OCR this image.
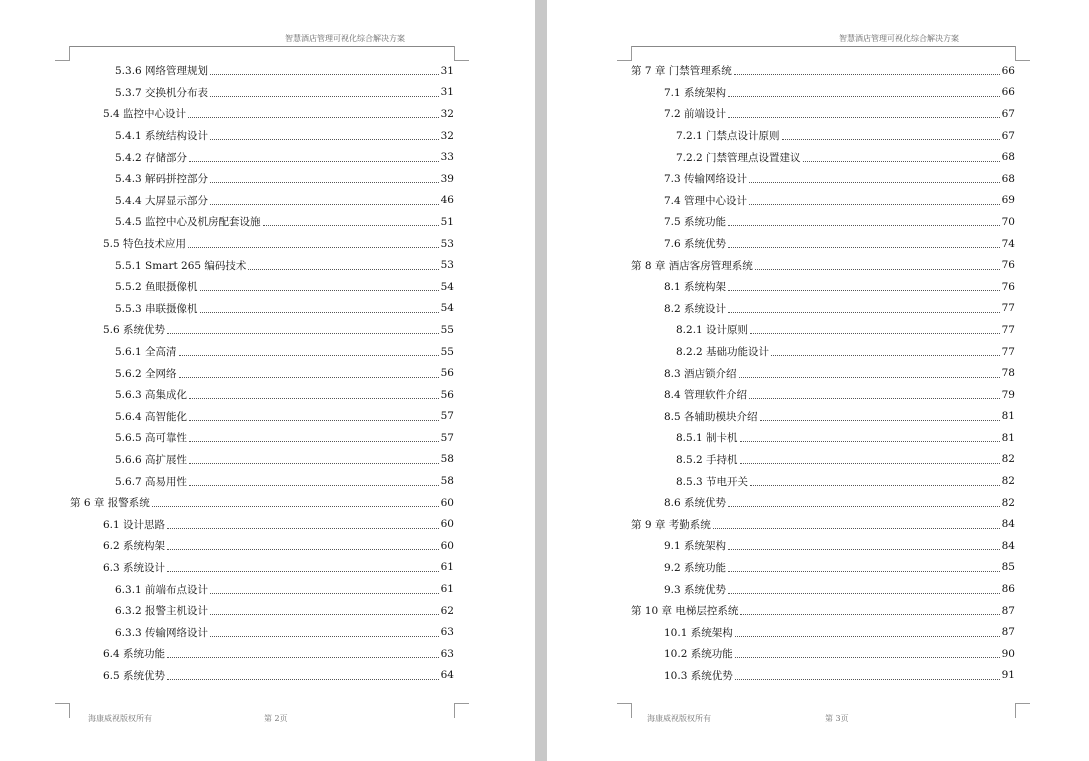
智慧酒店管理可视化综合解决方案
5.3.6 网络管理规划	31
5.3.7 交换机分布表	31
5.4 监控中心设计	32
5.4.1 系统结构设计	32
5.4.2 存储部分	33
5.4.3 解码拼控部分	39
5.4.4 大屏显示部分	46
5.4.5 监控中心及机房配套设施	51
5.5 特色技术应用	53
5.5.1 Smart 265 编码技术	53
5.5.2 鱼眼摄像机	54
5.5.3 串联摄像机	54
5.6 系统优势	55
5.6.1 全高清	55
5.6.2 全网络	56
5.6.3 高集成化	56
5.6.4 高智能化	57
5.6.5 高可靠性	57
5.6.6 高扩展性	58
5.6.7 高易用性	58
第 6 章 报警系统	60
6.1 设计思路	60
6.2 系统构架	60
6.3 系统设计	61
6.3.1 前端布点设计	61
6.3.2 报警主机设计	62
6.3.3 传输网络设计	63
6.4 系统功能	63
6.5 系统优势	64
海康威视版权所有	第 2页
智慧酒店管理可视化综合解决方案
第 7 章 门禁管理系统	66
7.1 系统架构	66
7.2 前端设计	67
7.2.1 门禁点设计原则	67
7.2.2 门禁管理点设置建议	68
7.3 传输网络设计	68
7.4 管理中心设计	69
7.5 系统功能	70
7.6 系统优势	74
第 8 章 酒店客房管理系统	76
8.1 系统构架	76
8.2 系统设计	77
8.2.1 设计原则	77
8.2.2 基础功能设计	77
8.3 酒店锁介绍	78
8.4 管理软件介绍	79
8.5 各辅助模块介绍	81
8.5.1 制卡机	81
8.5.2 手持机	82
8.5.3 节电开关	82
8.6 系统优势	82
第 9 章 考勤系统	84
9.1 系统架构	84
9.2 系统功能	85
9.3 系统优势	86
第 10 章 电梯层控系统	87
10.1 系统架构	87
10.2 系统功能	90
10.3 系统优势	91
海康威视版权所有	第 3页
